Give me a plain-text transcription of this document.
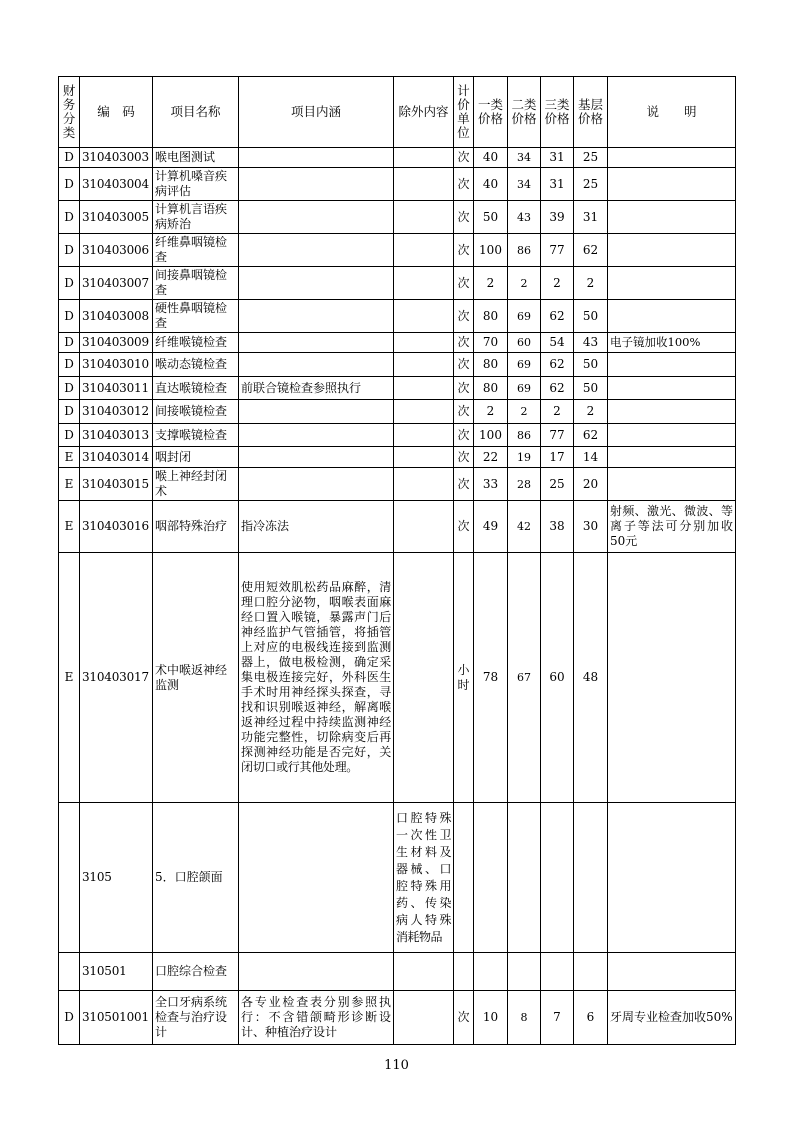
财务分类	编　码	项目名称	项目内涵	除外内容	计价单位	一类价格	二类价格	三类价格	基层价格	说　　明
D	310403003	喉电图测试			次	40	34	31	25	
D	310403004	计算机嗓音疾病评估			次	40	34	31	25	
D	310403005	计算机言语疾病矫治			次	50	43	39	31	
D	310403006	纤维鼻咽镜检查			次	100	86	77	62	
D	310403007	间接鼻咽镜检查			次	2	2	2	2	
D	310403008	硬性鼻咽镜检查			次	80	69	62	50	
D	310403009	纤维喉镜检查			次	70	60	54	43	电子镜加收100%
D	310403010	喉动态镜检查			次	80	69	62	50	
D	310403011	直达喉镜检查	前联合镜检查参照执行		次	80	69	62	50	
D	310403012	间接喉镜检查			次	2	2	2	2	
D	310403013	支撑喉镜检查			次	100	86	77	62	
E	310403014	咽封闭			次	22	19	17	14	
E	310403015	喉上神经封闭术			次	33	28	25	20	
E	310403016	咽部特殊治疗	指冷冻法		次	49	42	38	30	射频、激光、微波、等离子等法可分别加收50元
E	310403017	术中喉返神经监测	使用短效肌松药品麻醉，清理口腔分泌物，咽喉表面麻经口置入喉镜，暴露声门后神经监护气管插管，将插管上对应的电极线连接到监测器上，做电极检测，确定采集电极连接完好，外科医生手术时用神经探头探查，寻找和识别喉返神经，解离喉返神经过程中持续监测神经功能完整性，切除病变后再探测神经功能是否完好，关闭切口或行其他处理。		小时	78	67	60	48	
	3105	5．口腔颌面		口腔特殊一次性卫生材料及器械、口腔特殊用药、传染病人特殊消耗物品						
	310501	口腔综合检查								
D	310501001	全口牙病系统检查与治疗设计	各专业检查表分别参照执行：不含错颌畸形诊断设计、种植治疗设计		次	10	8	7	6	牙周专业检查加收50%
110
